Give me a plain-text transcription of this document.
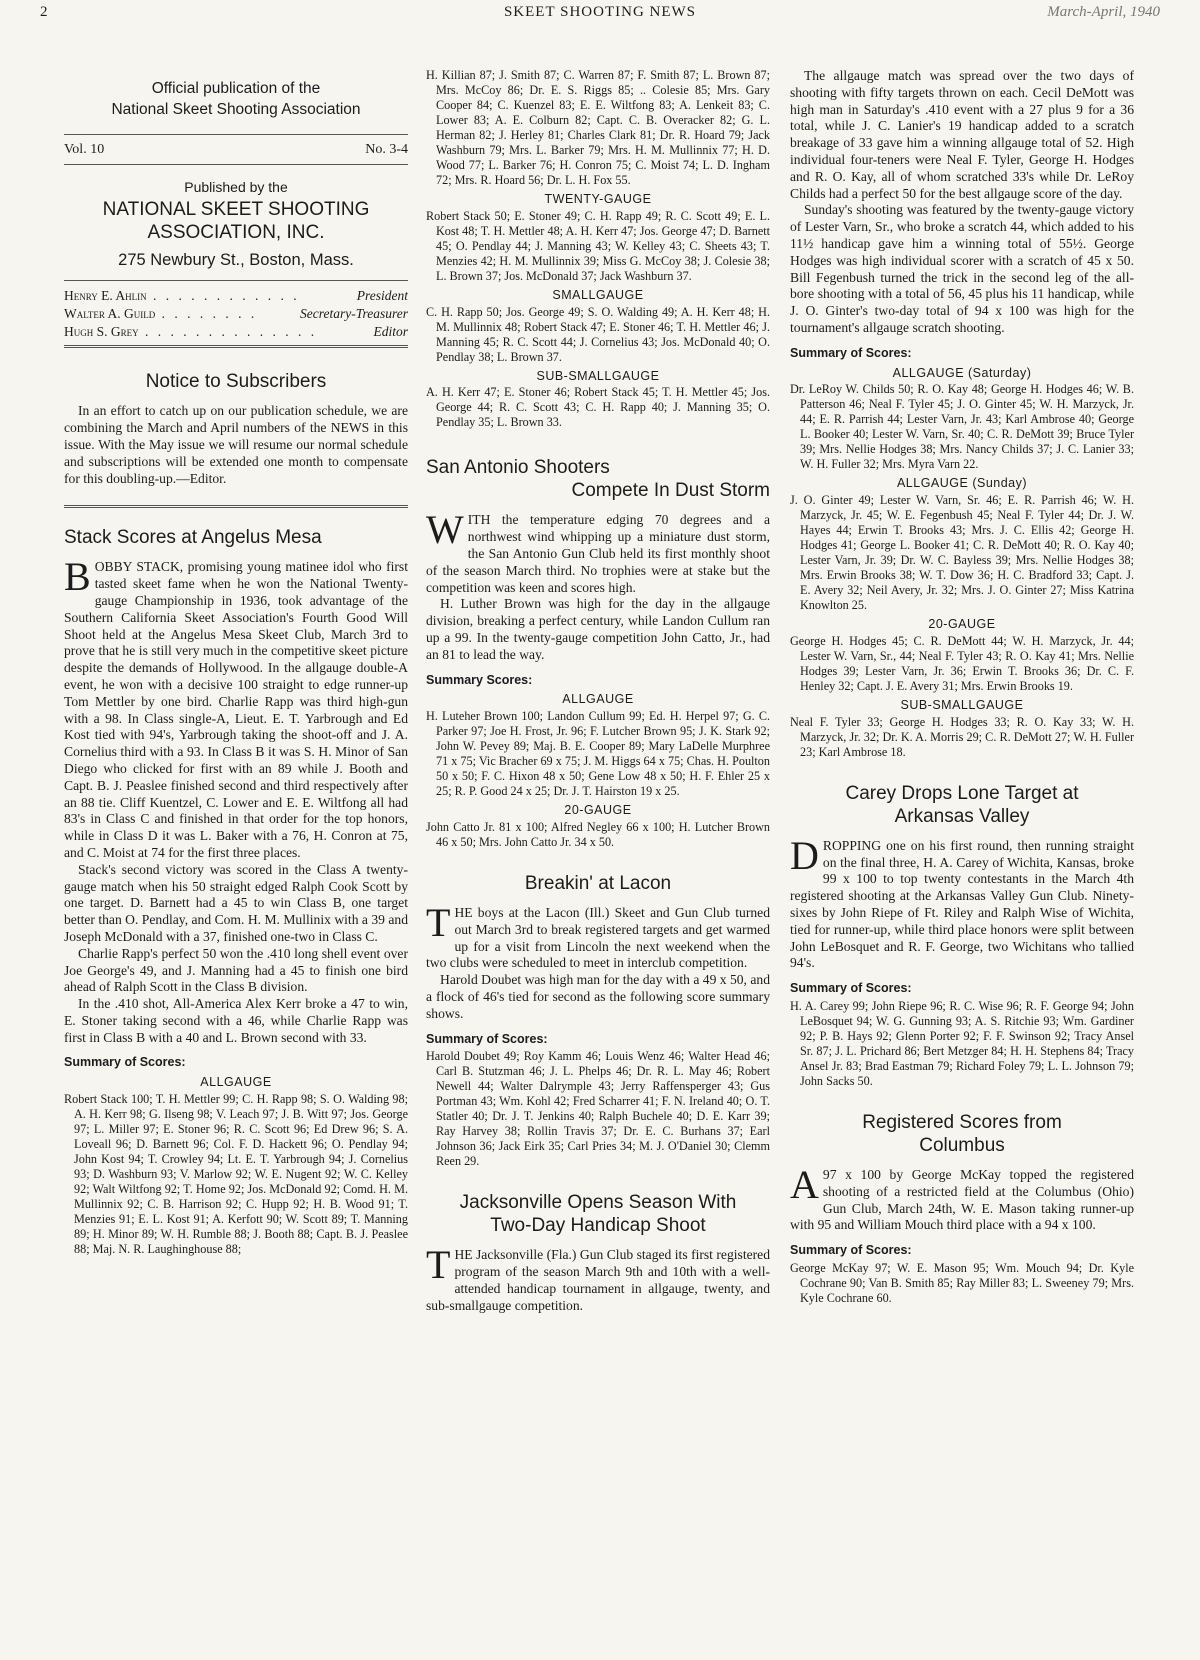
2	SKEET SHOOTING NEWS	March-April, 1940
Official publication of the
National Skeet Shooting Association
Vol. 10	No. 3-4
Published by the
NATIONAL SKEET SHOOTING
ASSOCIATION, INC.
275 Newbury St., Boston, Mass.
Henry E. Ahlin . . . . . . . . . . . .	President
Walter A. Guild . . . . . . . .	Secretary-Treasurer
Hugh S. Grey . . . . . . . . . . . . . .	Editor
Notice to Subscribers

In an effort to catch up on our publication schedule, we are combining the March and April numbers of the NEWS in this issue. With the May issue we will resume our normal schedule and subscriptions will be extended one month to compensate for this doubling-up.—Editor.

Stack Scores at Angelus Mesa

BOBBY STACK, promising young matinee idol who first tasted skeet fame when he won the National Twenty-gauge Championship in 1936, took advantage of the Southern California Skeet Association's Fourth Good Will Shoot held at the Angelus Mesa Skeet Club, March 3rd to prove that he is still very much in the competitive skeet picture despite the demands of Hollywood. In the allgauge double-A event, he won with a decisive 100 straight to edge runner-up Tom Mettler by one bird. Charlie Rapp was third high-gun with a 98. In Class single-A, Lieut. E. T. Yarbrough and Ed Kost tied with 94's, Yarbrough taking the shoot-off and J. A. Cornelius third with a 93. In Class B it was S. H. Minor of San Diego who clicked for first with an 89 while J. Booth and Capt. B. J. Peaslee finished second and third respectively after an 88 tie. Cliff Kuentzel, C. Lower and E. E. Wiltfong all had 83's in Class C and finished in that order for the top honors, while in Class D it was L. Baker with a 76, H. Conron at 75, and C. Moist at 74 for the first three places.

Stack's second victory was scored in the Class A twenty-gauge match when his 50 straight edged Ralph Cook Scott by one target. D. Barnett had a 45 to win Class B, one target better than O. Pendlay, and Com. H. M. Mullinix with a 39 and Joseph McDonald with a 37, finished one-two in Class C.

Charlie Rapp's perfect 50 won the .410 long shell event over Joe George's 49, and J. Manning had a 45 to finish one bird ahead of Ralph Scott in the Class B division.

In the .410 shot, All-America Alex Kerr broke a 47 to win, E. Stoner taking second with a 46, while Charlie Rapp was first in Class B with a 40 and L. Brown second with 33.

Summary of Scores:
ALLGAUGE

Robert Stack 100; T. H. Mettler 99; C. H. Rapp 98; S. O. Walding 98; A. H. Kerr 98; G. Ilseng 98; V. Leach 97; J. B. Witt 97; Jos. George 97; L. Miller 97; E. Stoner 96; R. C. Scott 96; Ed Drew 96; S. A. Loveall 96; D. Barnett 96; Col. F. D. Hackett 96; O. Pendlay 94; John Kost 94; T. Crowley 94; Lt. E. T. Yarbrough 94; J. Cornelius 93; D. Washburn 93; V. Marlow 92; W. E. Nugent 92; W. C. Kelley 92; Walt Wiltfong 92; T. Home 92; Jos. McDonald 92; Comd. H. M. Mullinnix 92; C. B. Harrison 92; C. Hupp 92; H. B. Wood 91; T. Menzies 91; E. L. Kost 91; A. Kerfott 90; W. Scott 89; T. Manning 89; H. Minor 89; W. H. Rumble 88; J. Booth 88; Capt. B. J. Peaslee 88; Maj. N. R. Laughinghouse 88;

H. Killian 87; J. Smith 87; C. Warren 87; F. Smith 87; L. Brown 87; Mrs. McCoy 86; Dr. E. S. Riggs 85; .. Colesie 85; Mrs. Gary Cooper 84; C. Kuenzel 83; E. E. Wiltfong 83; A. Lenkeit 83; C. Lower 83; A. E. Colburn 82; Capt. C. B. Overacker 82; G. L. Herman 82; J. Herley 81; Charles Clark 81; Dr. R. Hoard 79; Jack Washburn 79; Mrs. L. Barker 79; Mrs. H. M. Mullinnix 77; H. D. Wood 77; L. Barker 76; H. Conron 75; C. Moist 74; L. D. Ingham 72; Mrs. R. Hoard 56; Dr. L. H. Fox 55.

TWENTY-GAUGE

Robert Stack 50; E. Stoner 49; C. H. Rapp 49; R. C. Scott 49; E. L. Kost 48; T. H. Mettler 48; A. H. Kerr 47; Jos. George 47; D. Barnett 45; O. Pendlay 44; J. Manning 43; W. Kelley 43; C. Sheets 43; T. Menzies 42; H. M. Mullinnix 39; Miss G. McCoy 38; J. Colesie 38; L. Brown 37; Jos. McDonald 37; Jack Washburn 37.

SMALLGAUGE

C. H. Rapp 50; Jos. George 49; S. O. Walding 49; A. H. Kerr 48; H. M. Mullinnix 48; Robert Stack 47; E. Stoner 46; T. H. Mettler 46; J. Manning 45; R. C. Scott 44; J. Cornelius 43; Jos. McDonald 40; O. Pendlay 38; L. Brown 37.

SUB-SMALLGAUGE

A. H. Kerr 47; E. Stoner 46; Robert Stack 45; T. H. Mettler 45; Jos. George 44; R. C. Scott 43; C. H. Rapp 40; J. Manning 35; O. Pendlay 35; L. Brown 33.

San Antonio Shooters
Compete In Dust Storm

WITH the temperature edging 70 degrees and a northwest wind whipping up a miniature dust storm, the San Antonio Gun Club held its first monthly shoot of the season March third. No trophies were at stake but the competition was keen and scores high.

H. Luther Brown was high for the day in the allgauge division, breaking a perfect century, while Landon Cullum ran up a 99. In the twenty-gauge competition John Catto, Jr., had an 81 to lead the way.

Summary Scores:
ALLGAUGE

H. Luteher Brown 100; Landon Cullum 99; Ed. H. Herpel 97; G. C. Parker 97; Joe H. Frost, Jr. 96; F. Lutcher Brown 95; J. K. Stark 92; John W. Pevey 89; Maj. B. E. Cooper 89; Mary LaDelle Murphree 71 x 75; Vic Bracher 69 x 75; J. M. Higgs 64 x 75; Chas. H. Poulton 50 x 50; F. C. Hixon 48 x 50; Gene Low 48 x 50; H. F. Ehler 25 x 25; R. P. Good 24 x 25; Dr. J. T. Hairston 19 x 25.

20-GAUGE

John Catto Jr. 81 x 100; Alfred Negley 66 x 100; H. Lutcher Brown 46 x 50; Mrs. John Catto Jr. 34 x 50.

Breakin' at Lacon

THE boys at the Lacon (Ill.) Skeet and Gun Club turned out March 3rd to break registered targets and get warmed up for a visit from Lincoln the next weekend when the two clubs were scheduled to meet in interclub competition.

Harold Doubet was high man for the day with a 49 x 50, and a flock of 46's tied for second as the following score summary shows.

Summary of Scores:

Harold Doubet 49; Roy Kamm 46; Louis Wenz 46; Walter Head 46; Carl B. Stutzman 46; J. L. Phelps 46; Dr. R. L. May 46; Robert Newell 44; Walter Dalrymple 43; Jerry Raffensperger 43; Gus Portman 43; Wm. Kohl 42; Fred Scharrer 41; F. N. Ireland 40; O. T. Statler 40; Dr. J. T. Jenkins 40; Ralph Buchele 40; D. E. Karr 39; Ray Harvey 38; Rollin Travis 37; Dr. E. C. Burhans 37; Earl Johnson 36; Jack Eirk 35; Carl Pries 34; M. J. O'Daniel 30; Clemm Reen 29.

Jacksonville Opens Season With
Two-Day Handicap Shoot

THE Jacksonville (Fla.) Gun Club staged its first registered program of the season March 9th and 10th with a well-attended handicap tournament in allgauge, twenty, and sub-smallgauge competition.

The allgauge match was spread over the two days of shooting with fifty targets thrown on each. Cecil DeMott was high man in Saturday's .410 event with a 27 plus 9 for a 36 total, while J. C. Lanier's 19 handicap added to a scratch breakage of 33 gave him a winning allgauge total of 52. High individual four-teners were Neal F. Tyler, George H. Hodges and R. O. Kay, all of whom scratched 33's while Dr. LeRoy Childs had a perfect 50 for the best allgauge score of the day.

Sunday's shooting was featured by the twenty-gauge victory of Lester Varn, Sr., who broke a scratch 44, which added to his 11½ handicap gave him a winning total of 55½. George Hodges was high individual scorer with a scratch of 45 x 50. Bill Fegenbush turned the trick in the second leg of the all-bore shooting with a total of 56, 45 plus his 11 handicap, while J. O. Ginter's two-day total of 94 x 100 was high for the tournament's allgauge scratch shooting.

Summary of Scores:
ALLGAUGE (Saturday)

Dr. LeRoy W. Childs 50; R. O. Kay 48; George H. Hodges 46; W. B. Patterson 46; Neal F. Tyler 45; J. O. Ginter 45; W. H. Marzyck, Jr. 44; E. R. Parrish 44; Lester Varn, Jr. 43; Karl Ambrose 40; George L. Booker 40; Lester W. Varn, Sr. 40; C. R. DeMott 39; Bruce Tyler 39; Mrs. Nellie Hodges 38; Mrs. Nancy Childs 37; J. C. Lanier 33; W. H. Fuller 32; Mrs. Myra Varn 22.

ALLGAUGE (Sunday)

J. O. Ginter 49; Lester W. Varn, Sr. 46; E. R. Parrish 46; W. H. Marzyck, Jr. 45; W. E. Fegenbush 45; Neal F. Tyler 44; Dr. J. W. Hayes 44; Erwin T. Brooks 43; Mrs. J. C. Ellis 42; George H. Hodges 41; George L. Booker 41; C. R. DeMott 40; R. O. Kay 40; Lester Varn, Jr. 39; Dr. W. C. Bayless 39; Mrs. Nellie Hodges 38; Mrs. Erwin Brooks 38; W. T. Dow 36; H. C. Bradford 33; Capt. J. E. Avery 32; Neil Avery, Jr. 32; Mrs. J. O. Ginter 27; Miss Katrina Knowlton 25.

20-GAUGE

George H. Hodges 45; C. R. DeMott 44; W. H. Marzyck, Jr. 44; Lester W. Varn, Sr., 44; Neal F. Tyler 43; R. O. Kay 41; Mrs. Nellie Hodges 39; Lester Varn, Jr. 36; Erwin T. Brooks 36; Dr. C. F. Henley 32; Capt. J. E. Avery 31; Mrs. Erwin Brooks 19.

SUB-SMALLGAUGE

Neal F. Tyler 33; George H. Hodges 33; R. O. Kay 33; W. H. Marzyck, Jr. 32; Dr. K. A. Morris 29; C. R. DeMott 27; W. H. Fuller 23; Karl Ambrose 18.

Carey Drops Lone Target at
Arkansas Valley

DROPPING one on his first round, then running straight on the final three, H. A. Carey of Wichita, Kansas, broke 99 x 100 to top twenty contestants in the March 4th registered shooting at the Arkansas Valley Gun Club. Ninety-sixes by John Riepe of Ft. Riley and Ralph Wise of Wichita, tied for runner-up, while third place honors were split between John LeBosquet and R. F. George, two Wichitans who tallied 94's.

Summary of Scores:

H. A. Carey 99; John Riepe 96; R. C. Wise 96; R. F. George 94; John LeBosquet 94; W. G. Gunning 93; A. S. Ritchie 93; Wm. Gardiner 92; P. B. Hays 92; Glenn Porter 92; F. F. Swinson 92; Tracy Ansel Sr. 87; J. L. Prichard 86; Bert Metzger 84; H. H. Stephens 84; Tracy Ansel Jr. 83; Brad Eastman 79; Richard Foley 79; L. L. Johnson 79; John Sacks 50.

Registered Scores from
Columbus

A 97 x 100 by George McKay topped the registered shooting of a restricted field at the Columbus (Ohio) Gun Club, March 24th, W. E. Mason taking runner-up with 95 and William Mouch third place with a 94 x 100.

Summary of Scores:

George McKay 97; W. E. Mason 95; Wm. Mouch 94; Dr. Kyle Cochrane 90; Van B. Smith 85; Ray Miller 83; L. Sweeney 79; Mrs. Kyle Cochrane 60.
